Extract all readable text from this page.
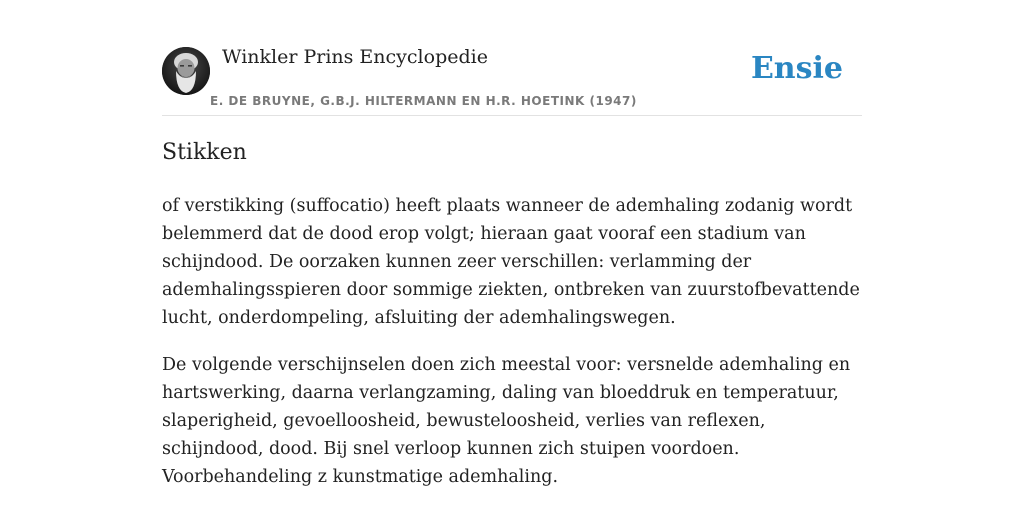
Winkler Prins Encyclopedie
E. DE BRUYNE, G.B.J. HILTERMANN EN H.R. HOETINK (1947)
Ensie
Stikken

of verstikking (suffocatio) heeft plaats wanneer de ademhaling zodanig wordt belemmerd dat de dood erop volgt; hieraan gaat vooraf een stadium van schijndood. De oorzaken kunnen zeer verschillen: verlamming der ademhalingsspieren door sommige ziekten, ontbreken van zuurstofbevattende lucht, onderdompeling, afsluiting der ademhalingswegen.

De volgende verschijnselen doen zich meestal voor: versnelde ademhaling en hartswerking, daarna verlangzaming, daling van bloeddruk en temperatuur, slaperigheid, gevoelloosheid, bewusteloosheid, verlies van reflexen, schijndood, dood. Bij snel verloop kunnen zich stuipen voordoen. Voorbehandeling z kunstmatige ademhaling.
